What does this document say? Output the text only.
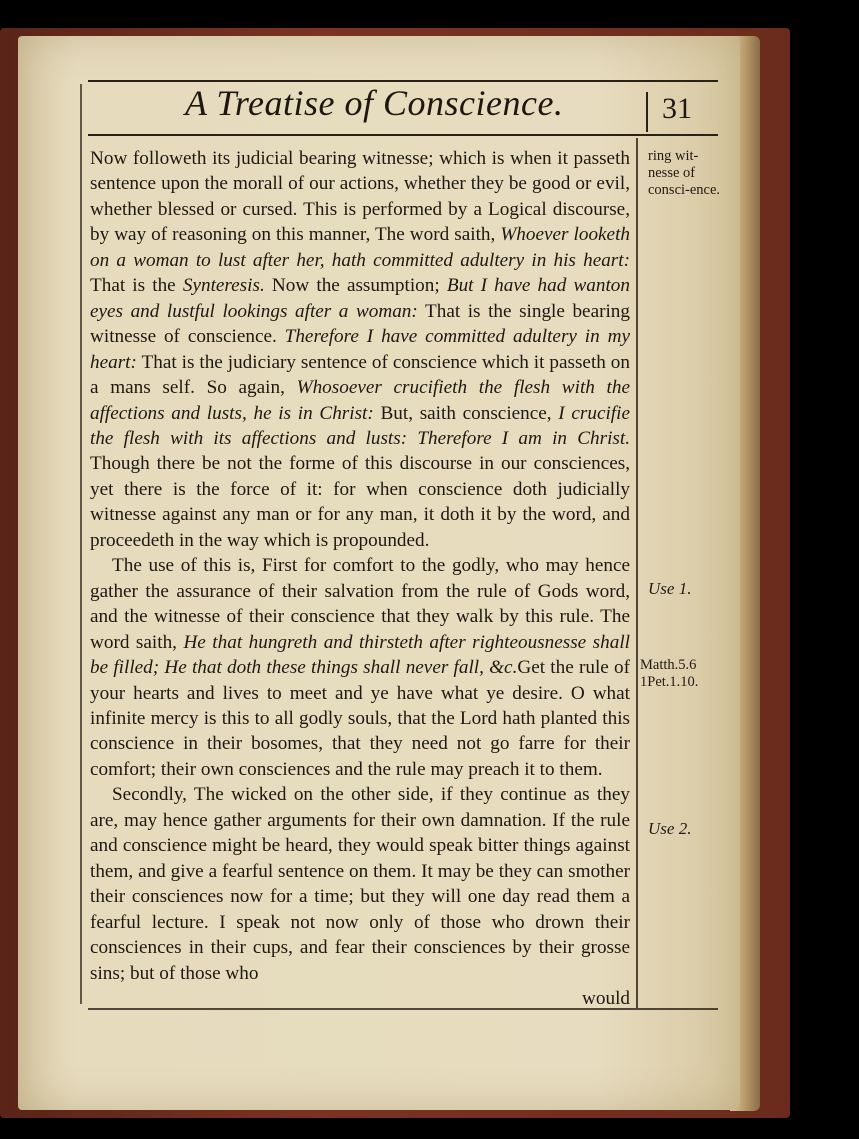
A Treatise of Conscience.	31

Now followeth its judicial bearing witnesse; which is when it passeth sentence upon the morall of our actions, whether they be good or evil, whether blessed or cursed. This is performed by a Logical discourse, by way of reasoning on this manner, The word saith, Whoever looketh on a woman to lust after her, hath committed adultery in his heart: That is the Synteresis. Now the assumption; But I have had wanton eyes and lustful lookings after a woman: That is the single bearing witnesse of conscience. Therefore I have committed adultery in my heart: That is the judiciary sentence of conscience which it passeth on a mans self. So again, Whosoever crucifieth the flesh with the affections and lusts, he is in Christ: But, saith conscience, I crucifie the flesh with its affections and lusts: Therefore I am in Christ. Though there be not the forme of this discourse in our consciences, yet there is the force of it: for when conscience doth judicially witnesse against any man or for any man, it doth it by the word, and proceedeth in the way which is propounded.

The use of this is, First for comfort to the godly, who may hence gather the assurance of their salvation from the rule of Gods word, and the witnesse of their conscience that they walk by this rule. The word saith, He that hungreth and thirsteth after righteousnesse shall be filled; He that doth these things shall never fall, &c.Get the rule of your hearts and lives to meet and ye have what ye desire. O what infinite mercy is this to all godly souls, that the Lord hath planted this conscience in their bosomes, that they need not go farre for their comfort; their own consciences and the rule may preach it to them.

Secondly, The wicked on the other side, if they continue as they are, may hence gather arguments for their own damnation. If the rule and conscience might be heard, they would speak bitter things against them, and give a fearful sentence on them. It may be they can smother their consciences now for a time; but they will one day read them a fearful lecture. I speak not now only of those who drown their consciences in their cups, and fear their consciences by their grosse sins; but of those who

would

ring wit-nesse of consci-ence.
Use 1.
Matth.5.6 1Pet.1.10.
Use 2.
